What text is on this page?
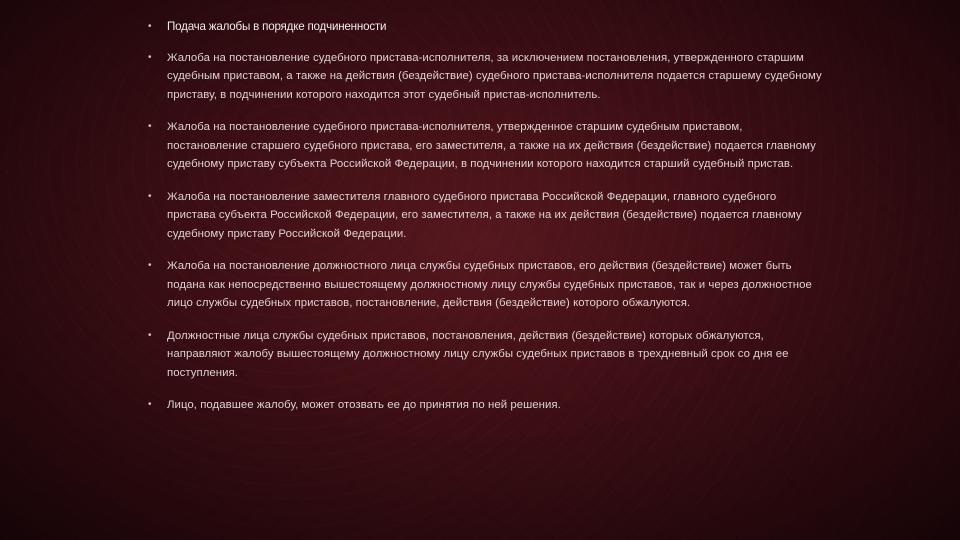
• Подача жалобы в порядке подчиненности
• Жалоба на постановление судебного пристава-исполнителя, за исключением постановления, утвержденного старшим судебным приставом, а также на действия (бездействие) судебного пристава-исполнителя подается старшему судебному приставу, в подчинении которого находится этот судебный пристав-исполнитель.
• Жалоба на постановление судебного пристава-исполнителя, утвержденное старшим судебным приставом, постановление старшего судебного пристава, его заместителя, а также на их действия (бездействие) подается главному судебному приставу субъекта Российской Федерации, в подчинении которого находится старший судебный пристав.
• Жалоба на постановление заместителя главного судебного пристава Российской Федерации, главного судебного пристава субъекта Российской Федерации, его заместителя, а также на их действия (бездействие) подается главному судебному приставу Российской Федерации.
• Жалоба на постановление должностного лица службы судебных приставов, его действия (бездействие) может быть подана как непосредственно вышестоящему должностному лицу службы судебных приставов, так и через должностное лицо службы судебных приставов, постановление, действия (бездействие) которого обжалуются.
• Должностные лица службы судебных приставов, постановления, действия (бездействие) которых обжалуются, направляют жалобу вышестоящему должностному лицу службы судебных приставов в трехдневный срок со дня ее поступления.
• Лицо, подавшее жалобу, может отозвать ее до принятия по ней решения.
